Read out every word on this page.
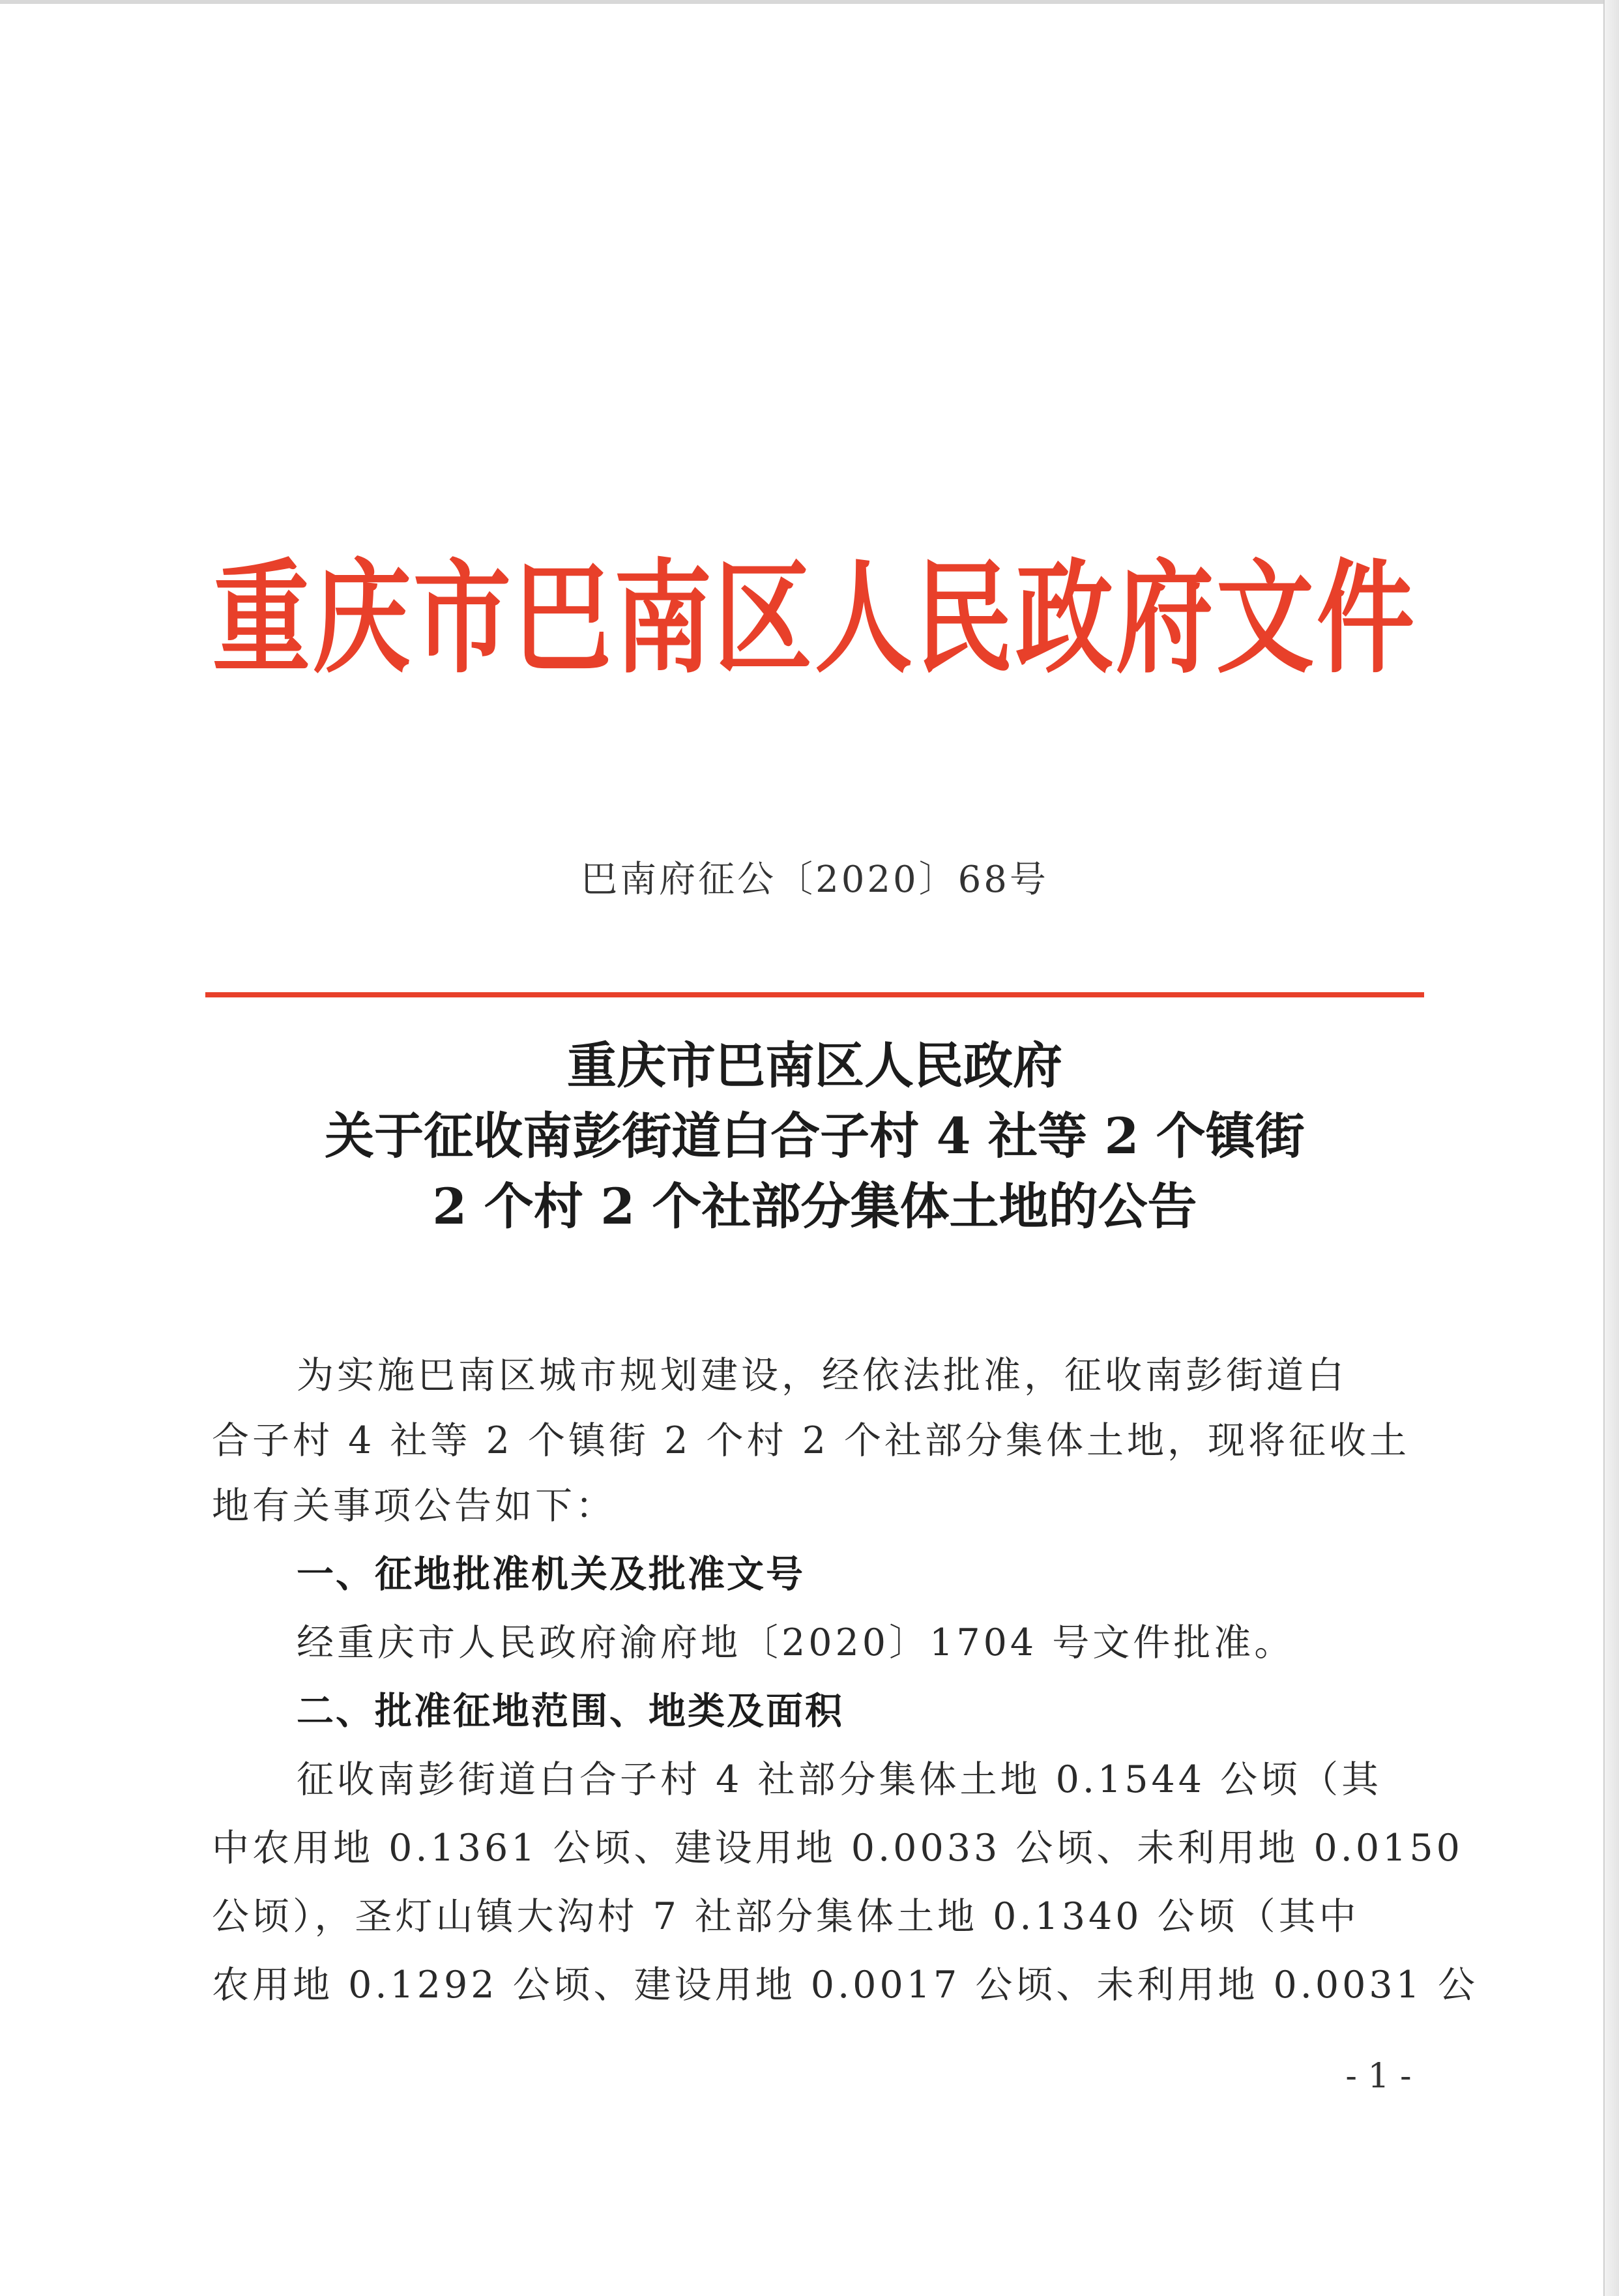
重庆市巴南区人民政府文件
巴南府征公〔2020〕68号
重庆市巴南区人民政府
关于征收南彭街道白合子村 4 社等 2 个镇街
2 个村 2 个社部分集体土地的公告
为实施巴南区城市规划建设，经依法批准，征收南彭街道白
合子村 4 社等 2 个镇街 2 个村 2 个社部分集体土地，现将征收土
地有关事项公告如下：
一、征地批准机关及批准文号
经重庆市人民政府渝府地〔2020〕1704 号文件批准。
二、批准征地范围、地类及面积
征收南彭街道白合子村 4 社部分集体土地 0.1544 公顷（其
中农用地 0.1361 公顷、建设用地 0.0033 公顷、未利用地 0.0150
公顷），圣灯山镇大沟村 7 社部分集体土地 0.1340 公顷（其中
农用地 0.1292 公顷、建设用地 0.0017 公顷、未利用地 0.0031 公
- 1 -
